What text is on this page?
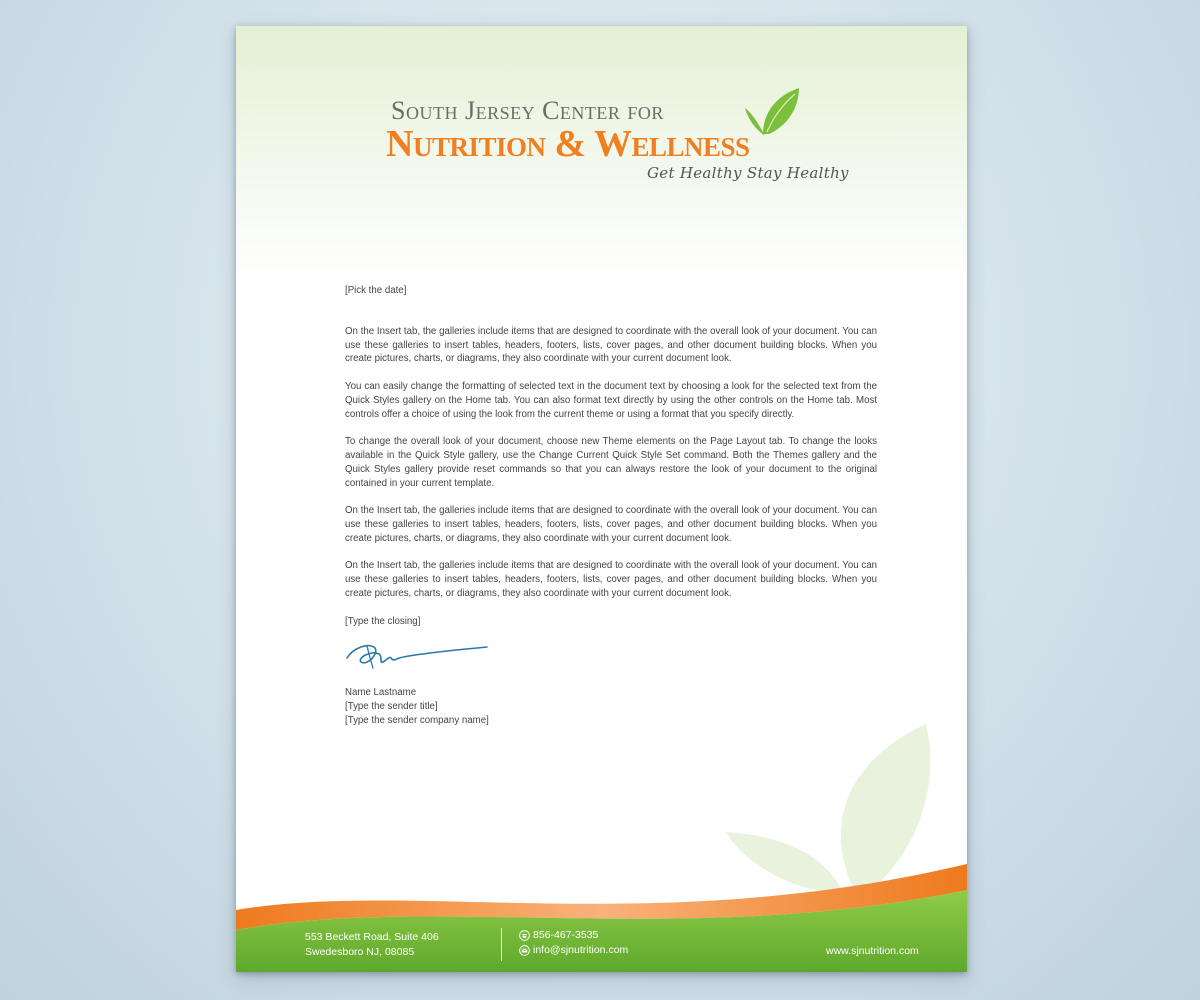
South Jersey Center for
Nutrition & Wellness
Get Healthy Stay Healthy

[Pick the date]

On the Insert tab, the galleries include items that are designed to coordinate with the overall look of your document. You can use these galleries to insert tables, headers, footers, lists, cover pages, and other document building blocks. When you create pictures, charts, or diagrams, they also coordinate with your current document look.

You can easily change the formatting of selected text in the document text by choosing a look for the selected text from the Quick Styles gallery on the Home tab. You can also format text directly by using the other controls on the Home tab. Most controls offer a choice of using the look from the current theme or using a format that you specify directly.

To change the overall look of your document, choose new Theme elements on the Page Layout tab. To change the looks available in the Quick Style gallery, use the Change Current Quick Style Set command. Both the Themes gallery and the Quick Styles gallery provide reset commands so that you can always restore the look of your document to the original contained in your current template.

On the Insert tab, the galleries include items that are designed to coordinate with the overall look of your document. You can use these galleries to insert tables, headers, footers, lists, cover pages, and other document building blocks. When you create pictures, charts, or diagrams, they also coordinate with your current document look.

On the Insert tab, the galleries include items that are designed to coordinate with the overall look of your document. You can use these galleries to insert tables, headers, footers, lists, cover pages, and other document building blocks. When you create pictures, charts, or diagrams, they also coordinate with your current document look.

[Type the closing]

Name Lastname

[Type the sender title]

[Type the sender company name]

553 Beckett Road, Suite 406
Swedesboro NJ, 08085
856-467-3535
info@sjnutrition.com	www.sjnutrition.com
